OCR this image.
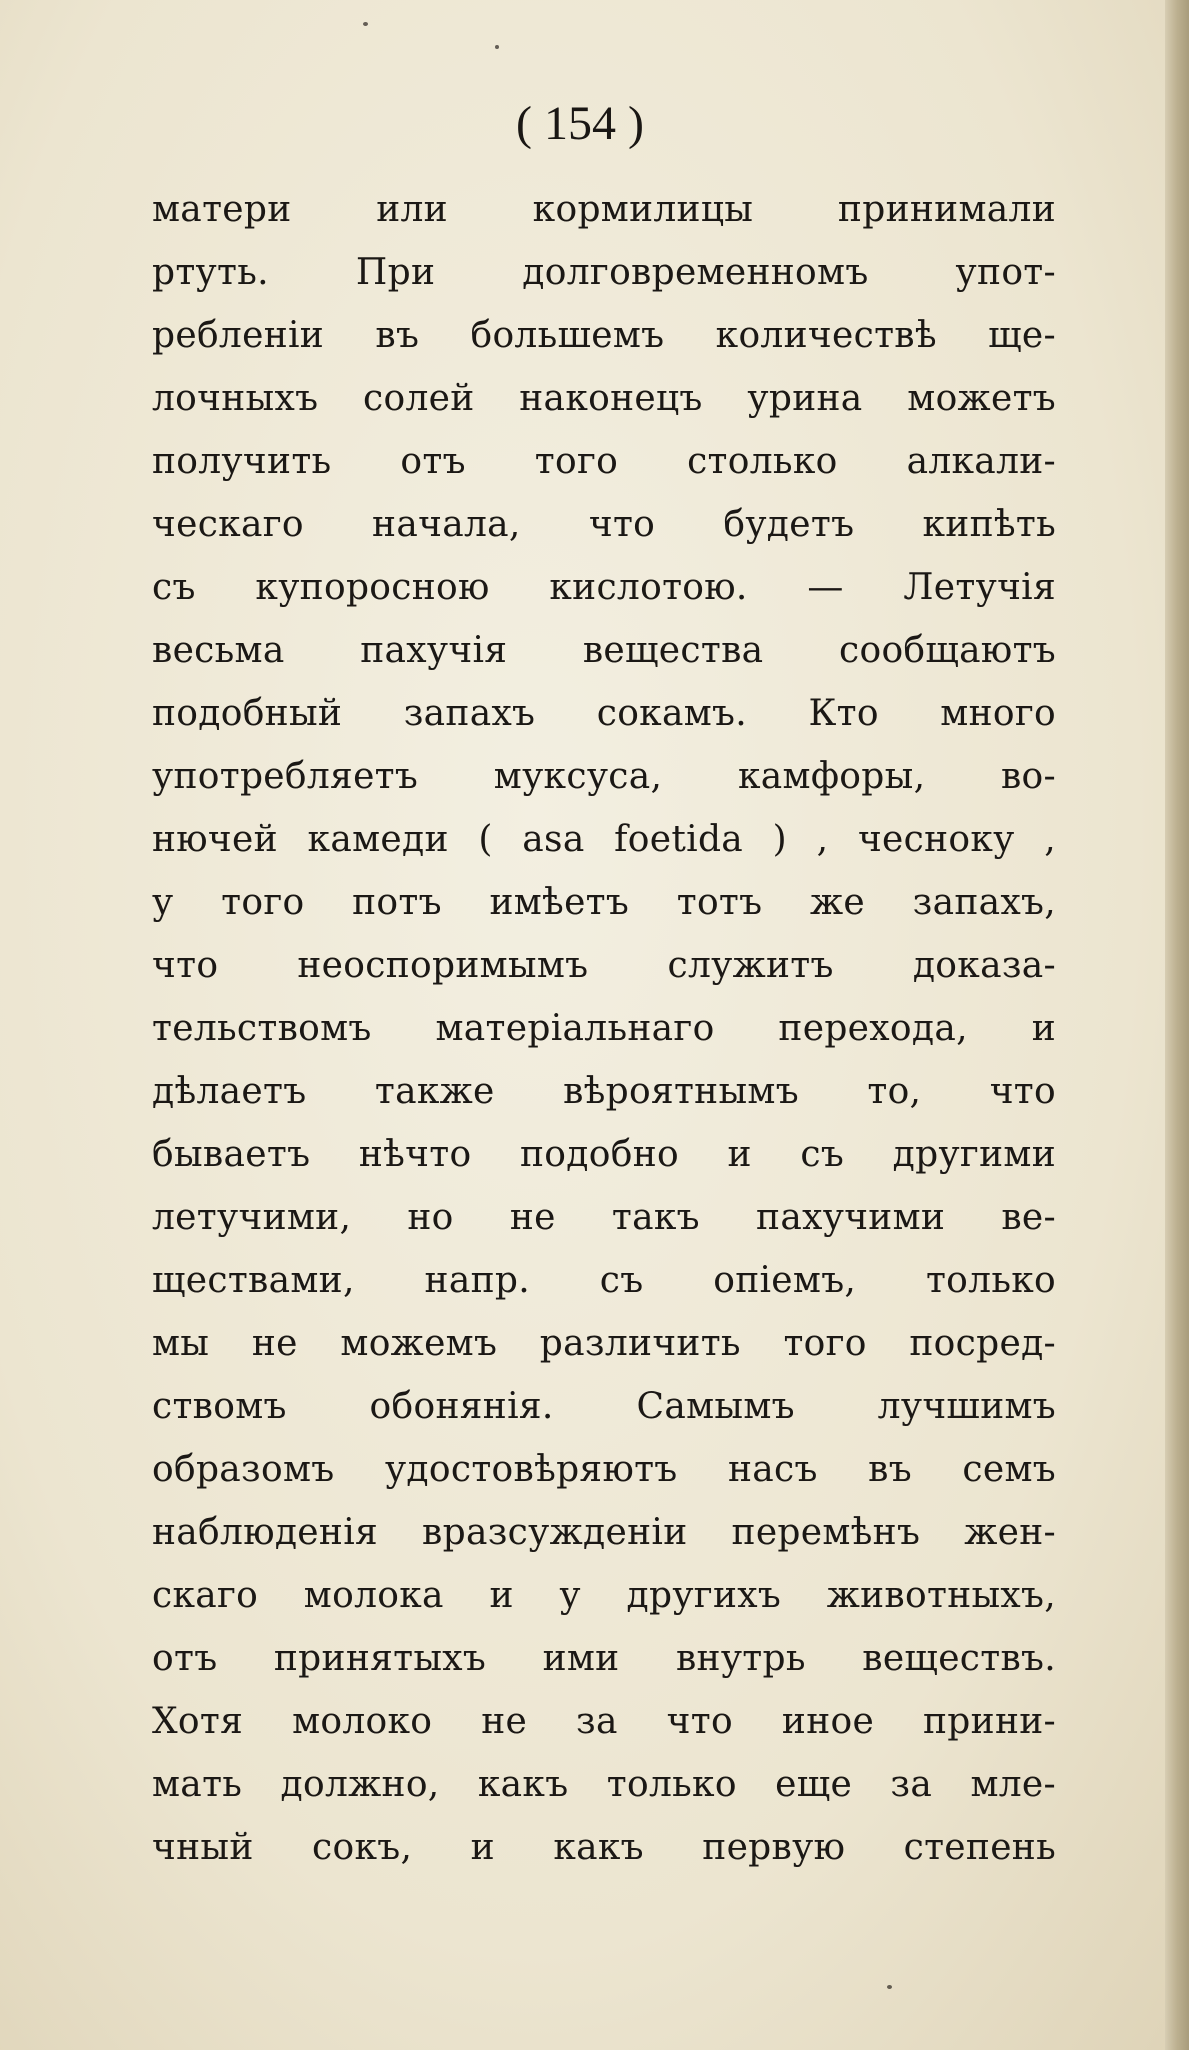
( 154 )

матери или кормилицы принимали
ртуть. При долговременномъ упот-
ребленіи въ большемъ количествѣ ще-
лочныхъ солей наконецъ урина можетъ
получить отъ того столько алкали-
ческаго начала, что будетъ кипѣть
съ купоросною кислотою. — Летучія
весьма пахучія вещества сообщаютъ
подобный запахъ сокамъ. Кто много
употребляетъ муксуса, камфоры, во-
нючей камеди ( asa foetida ) , чесноку ,
у того потъ имѣетъ тотъ же запахъ,
что неоспоримымъ служитъ доказа-
тельствомъ матеріальнаго перехода, и
дѣлаетъ также вѣроятнымъ то, что
бываетъ нѣчто подобно и съ другими
летучими, но не такъ пахучими ве-
ществами, напр. съ опіемъ, только
мы не можемъ различить того посред-
ствомъ обонянія. Самымъ лучшимъ
образомъ удостовѣряютъ насъ въ семъ
наблюденія вразсужденіи перемѣнъ жен-
скаго молока и у другихъ животныхъ,
отъ принятыхъ ими внутрь веществъ.
Хотя молоко не за что иное прини-
мать должно, какъ только еще за мле-
чный сокъ, и какъ первую степень
